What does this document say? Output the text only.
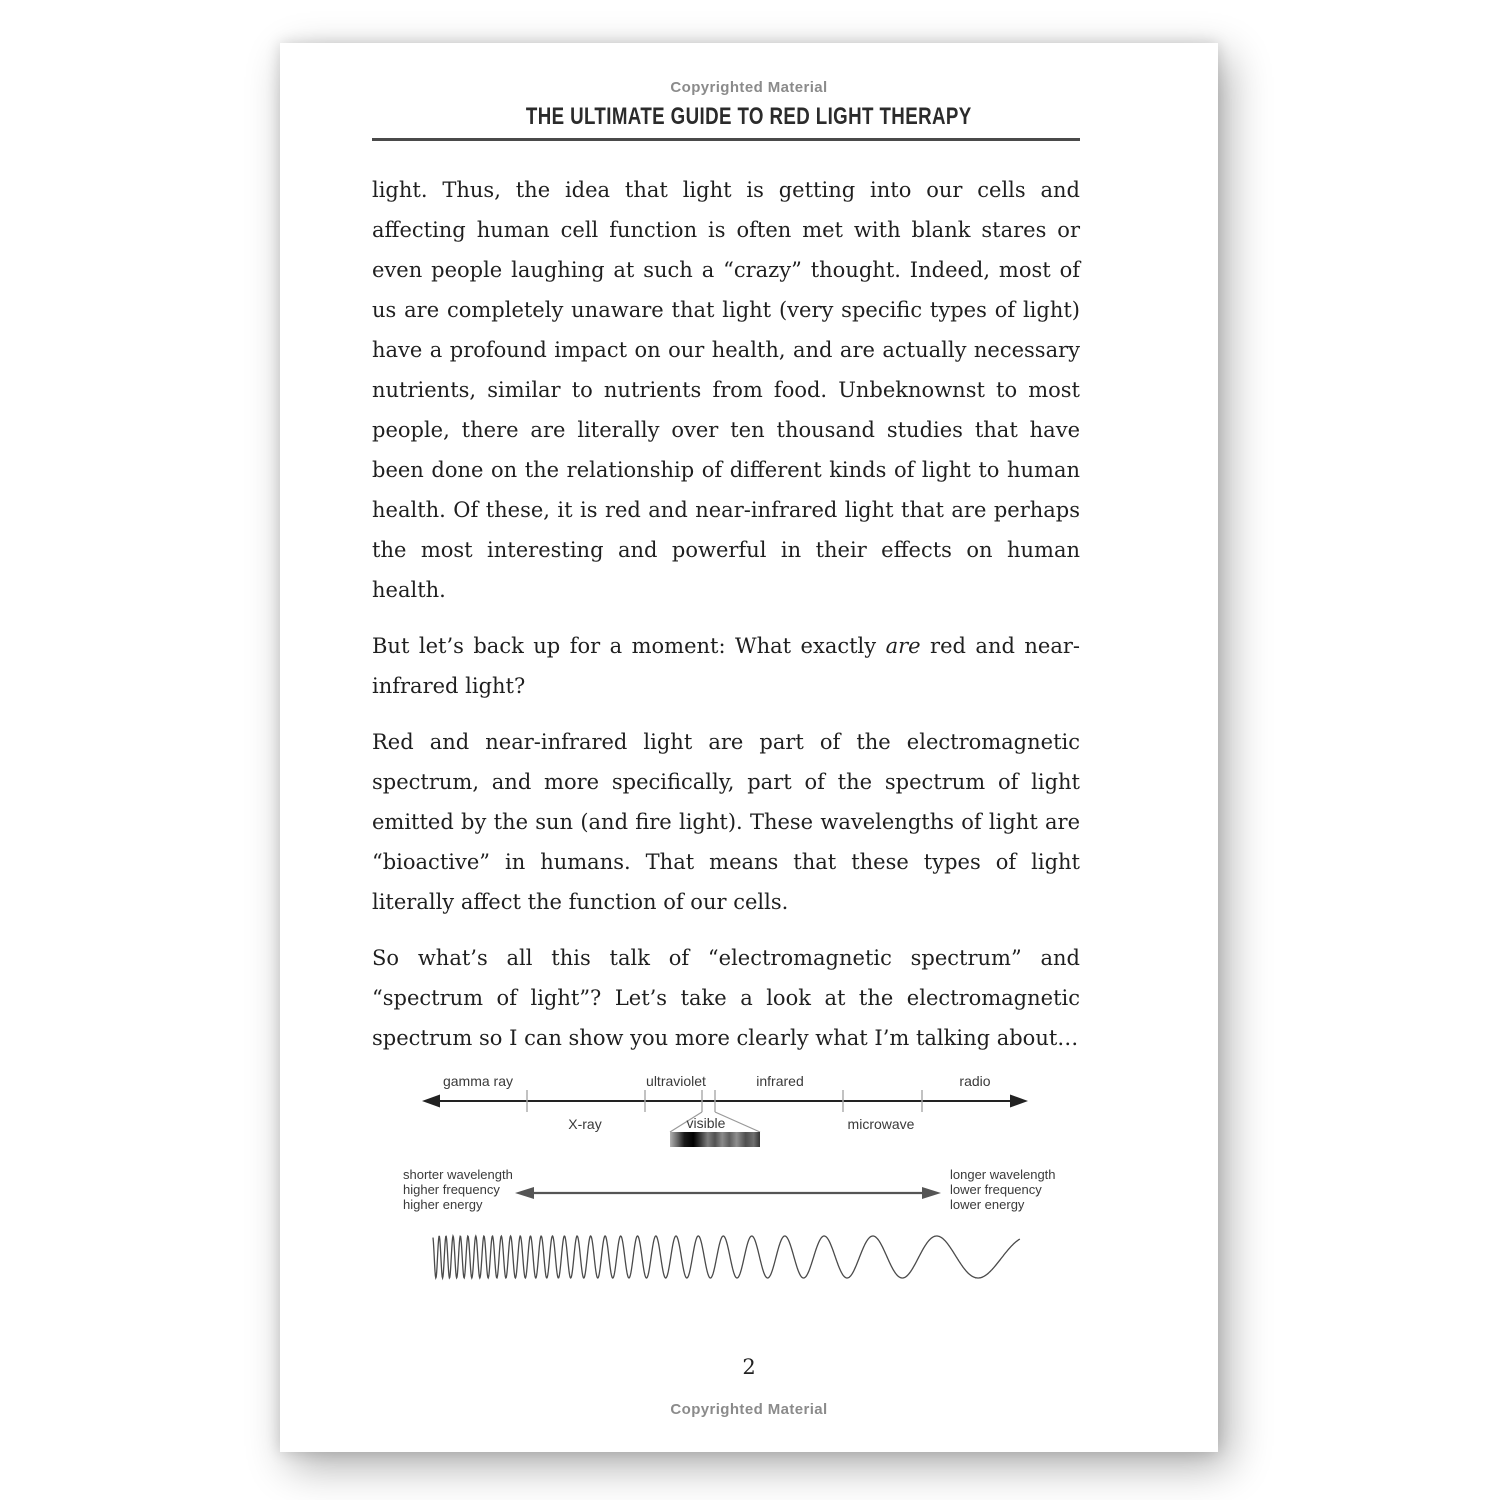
Copyrighted Material
THE ULTIMATE GUIDE TO RED LIGHT THERAPY

light. Thus, the idea that light is getting into our cells and affecting human cell function is often met with blank stares or even people laughing at such a “crazy” thought. Indeed, most of us are completely unaware that light (very specific types of light) have a profound impact on our health, and are actually necessary nutrients, similar to nutrients from food. Unbeknownst to most people, there are literally over ten thousand studies that have been done on the relationship of different kinds of light to human health. Of these, it is red and near-infrared light that are perhaps the most interesting and powerful in their effects on human health.

But let’s back up for a moment: What exactly are red and near-infrared light?

Red and near-infrared light are part of the electromagnetic spectrum, and more specifically, part of the spectrum of light emitted by the sun (and fire light). These wavelengths of light are “bioactive” in humans. That means that these types of light literally affect the function of our cells.

So what’s all this talk of “electromagnetic spectrum” and “spectrum of light”? Let’s take a look at the electromagnetic spectrum so I can show you more clearly what I’m talking about…

gamma ray	ultraviolet	infrared	radio
X-ray	microwave
visible
shorter wavelength
higher frequency
higher energy
longer wavelength
lower frequency
lower energy
2
Copyrighted Material
